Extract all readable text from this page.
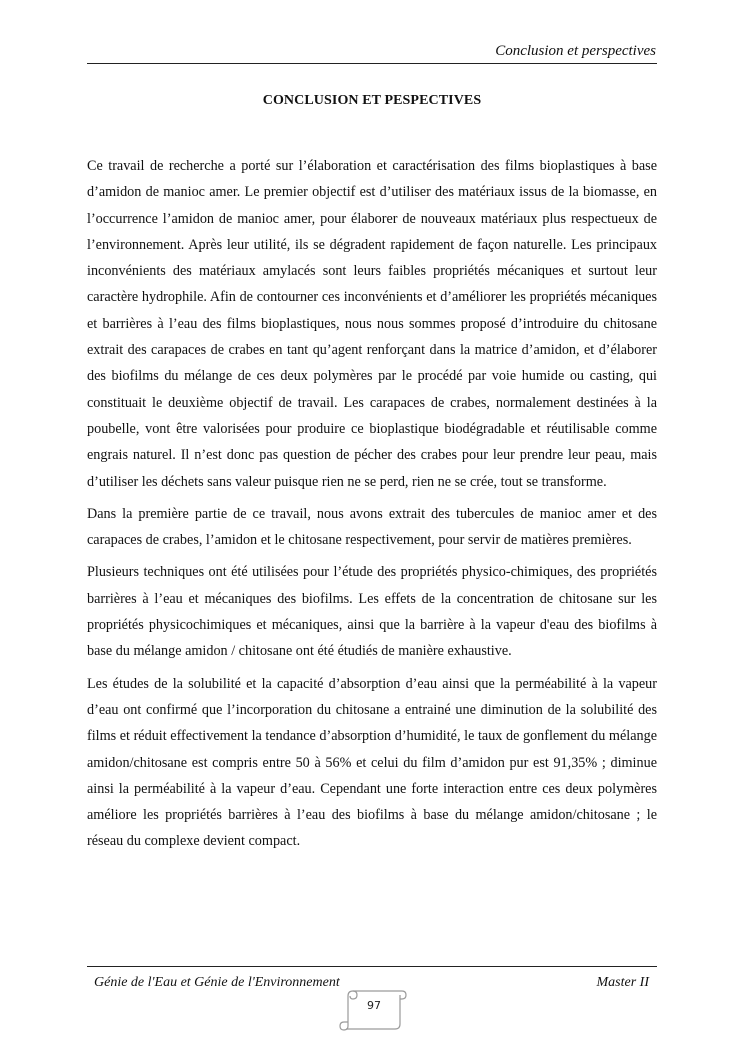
Conclusion et perspectives
CONCLUSION ET PESPECTIVES

Ce travail de recherche a porté sur l’élaboration et caractérisation des films bioplastiques à base d’amidon de manioc amer. Le premier objectif est d’utiliser des matériaux issus de la biomasse, en l’occurrence l’amidon de manioc amer, pour élaborer de nouveaux matériaux plus respectueux de l’environnement. Après leur utilité, ils se dégradent rapidement de façon naturelle. Les principaux inconvénients des matériaux amylacés sont leurs faibles propriétés mécaniques et surtout leur caractère hydrophile. Afin de contourner ces inconvénients et d’améliorer les propriétés mécaniques et barrières à l’eau des films bioplastiques, nous nous sommes proposé d’introduire du chitosane extrait des carapaces de crabes en tant qu’agent renforçant dans la matrice d’amidon, et d’élaborer des biofilms du mélange de ces deux polymères par le procédé par voie humide ou casting, qui constituait le deuxième objectif de travail. Les carapaces de crabes, normalement destinées à la poubelle, vont être valorisées pour produire ce bioplastique biodégradable et réutilisable comme engrais naturel. Il n’est donc pas question de pécher des crabes pour leur prendre leur peau, mais d’utiliser les déchets sans valeur puisque rien ne se perd, rien ne se crée, tout se transforme.

Dans la première partie de ce travail, nous avons extrait des tubercules de manioc amer et des carapaces de crabes, l’amidon et le chitosane respectivement, pour servir de matières premières.

Plusieurs techniques ont été utilisées pour l’étude des propriétés physico-chimiques, des propriétés barrières à l’eau et mécaniques des biofilms. Les effets de la concentration de chitosane sur les propriétés physicochimiques et mécaniques, ainsi que la barrière à la vapeur d'eau des biofilms à base du mélange amidon / chitosane ont été étudiés de manière exhaustive.

Les études de la solubilité et la capacité d’absorption d’eau ainsi que la perméabilité à la vapeur d’eau ont confirmé que l’incorporation du chitosane a entrainé une diminution de la solubilité des films et réduit effectivement la tendance d’absorption d’humidité, le taux de gonflement du mélange amidon/chitosane est compris entre 50 à 56% et celui du film d’amidon pur est 91,35% ; diminue ainsi la perméabilité à la vapeur d’eau. Cependant une forte interaction entre ces deux polymères améliore les propriétés barrières à l’eau des biofilms à base du mélange amidon/chitosane ; le réseau du complexe devient compact.

Génie de l'Eau et Génie de l'Environnement	Master II
97
